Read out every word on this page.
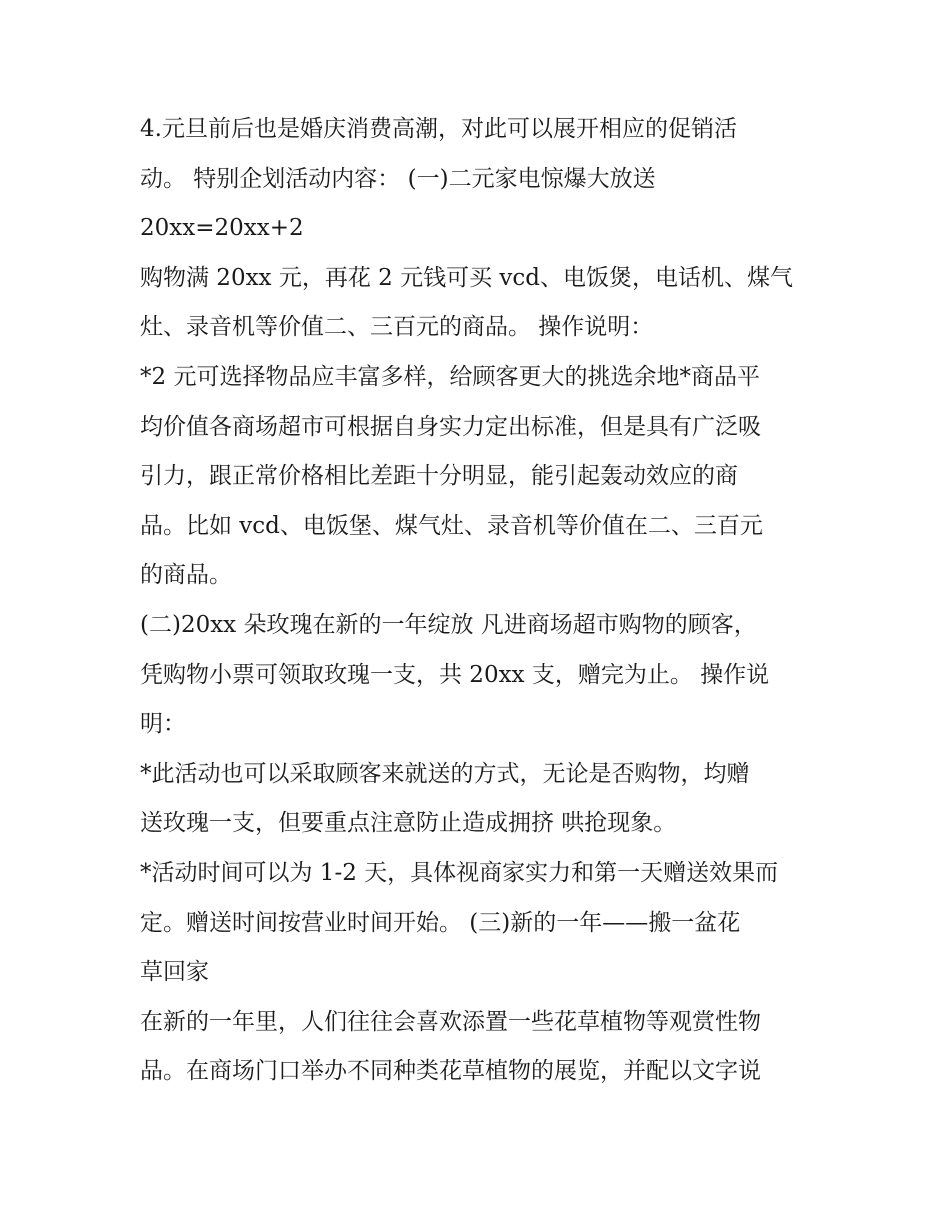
4.元旦前后也是婚庆消费高潮，对此可以展开相应的促销活

动。 特别企划活动内容： (一)二元家电惊爆大放送

20xx=20xx+2

购物满 20xx 元，再花 2 元钱可买 vcd、电饭煲，电话机、煤气

灶、录音机等价值二、三百元的商品。 操作说明：

*2 元可选择物品应丰富多样，给顾客更大的挑选余地*商品平

均价值各商场超市可根据自身实力定出标准，但是具有广泛吸

引力，跟正常价格相比差距十分明显，能引起轰动效应的商

品。比如 vcd、电饭堡、煤气灶、录音机等价值在二、三百元

的商品。

(二)20xx 朵玫瑰在新的一年绽放 凡进商场超市购物的顾客，

凭购物小票可领取玫瑰一支，共 20xx 支，赠完为止。 操作说

明：

*此活动也可以采取顾客来就送的方式，无论是否购物，均赠

送玫瑰一支，但要重点注意防止造成拥挤 哄抢现象。

*活动时间可以为 1-2 天，具体视商家实力和第一天赠送效果而

定。赠送时间按营业时间开始。 (三)新的一年——搬一盆花

草回家

在新的一年里，人们往往会喜欢添置一些花草植物等观赏性物

品。在商场门口举办不同种类花草植物的展览，并配以文字说
